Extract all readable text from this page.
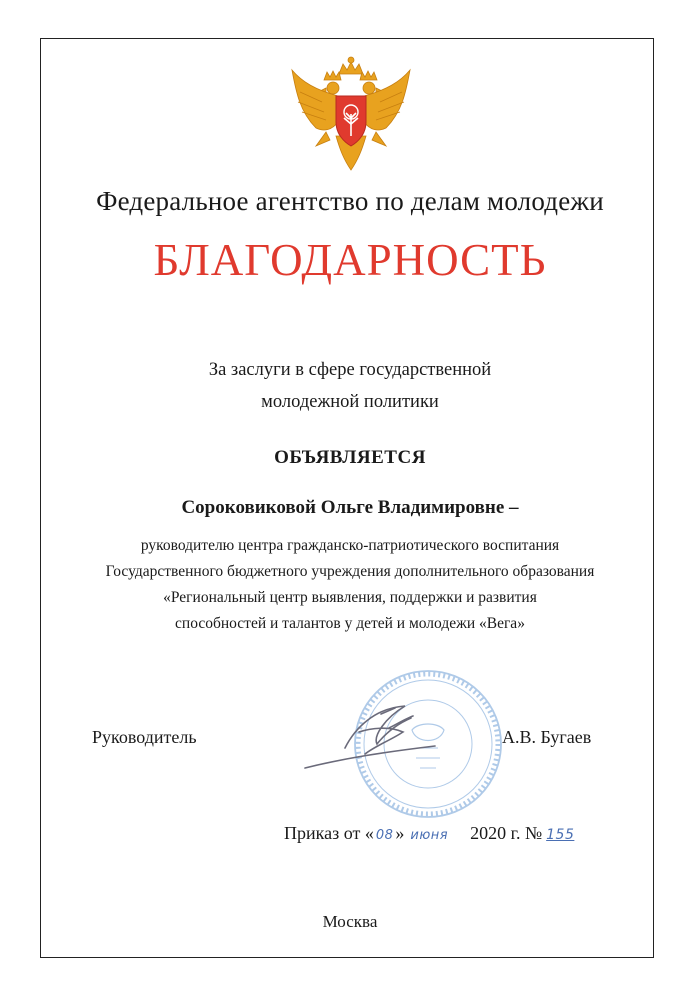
Федеральное агентство по делам молодежи
БЛАГОДАРНОСТЬ
За заслуги в сфере государственной
молодежной политики
ОБЪЯВЛЯЕТСЯ
Сороковиковой Ольге Владимировне –
руководителю центра гражданско-патриотического воспитания
Государственного бюджетного учреждения дополнительного образования
«Региональный центр выявления, поддержки и развития
способностей и талантов у детей и молодежи «Вега»
Руководитель	А.В. Бугаев
Приказ от « 08 » июня 2020 г. № 155
Москва
